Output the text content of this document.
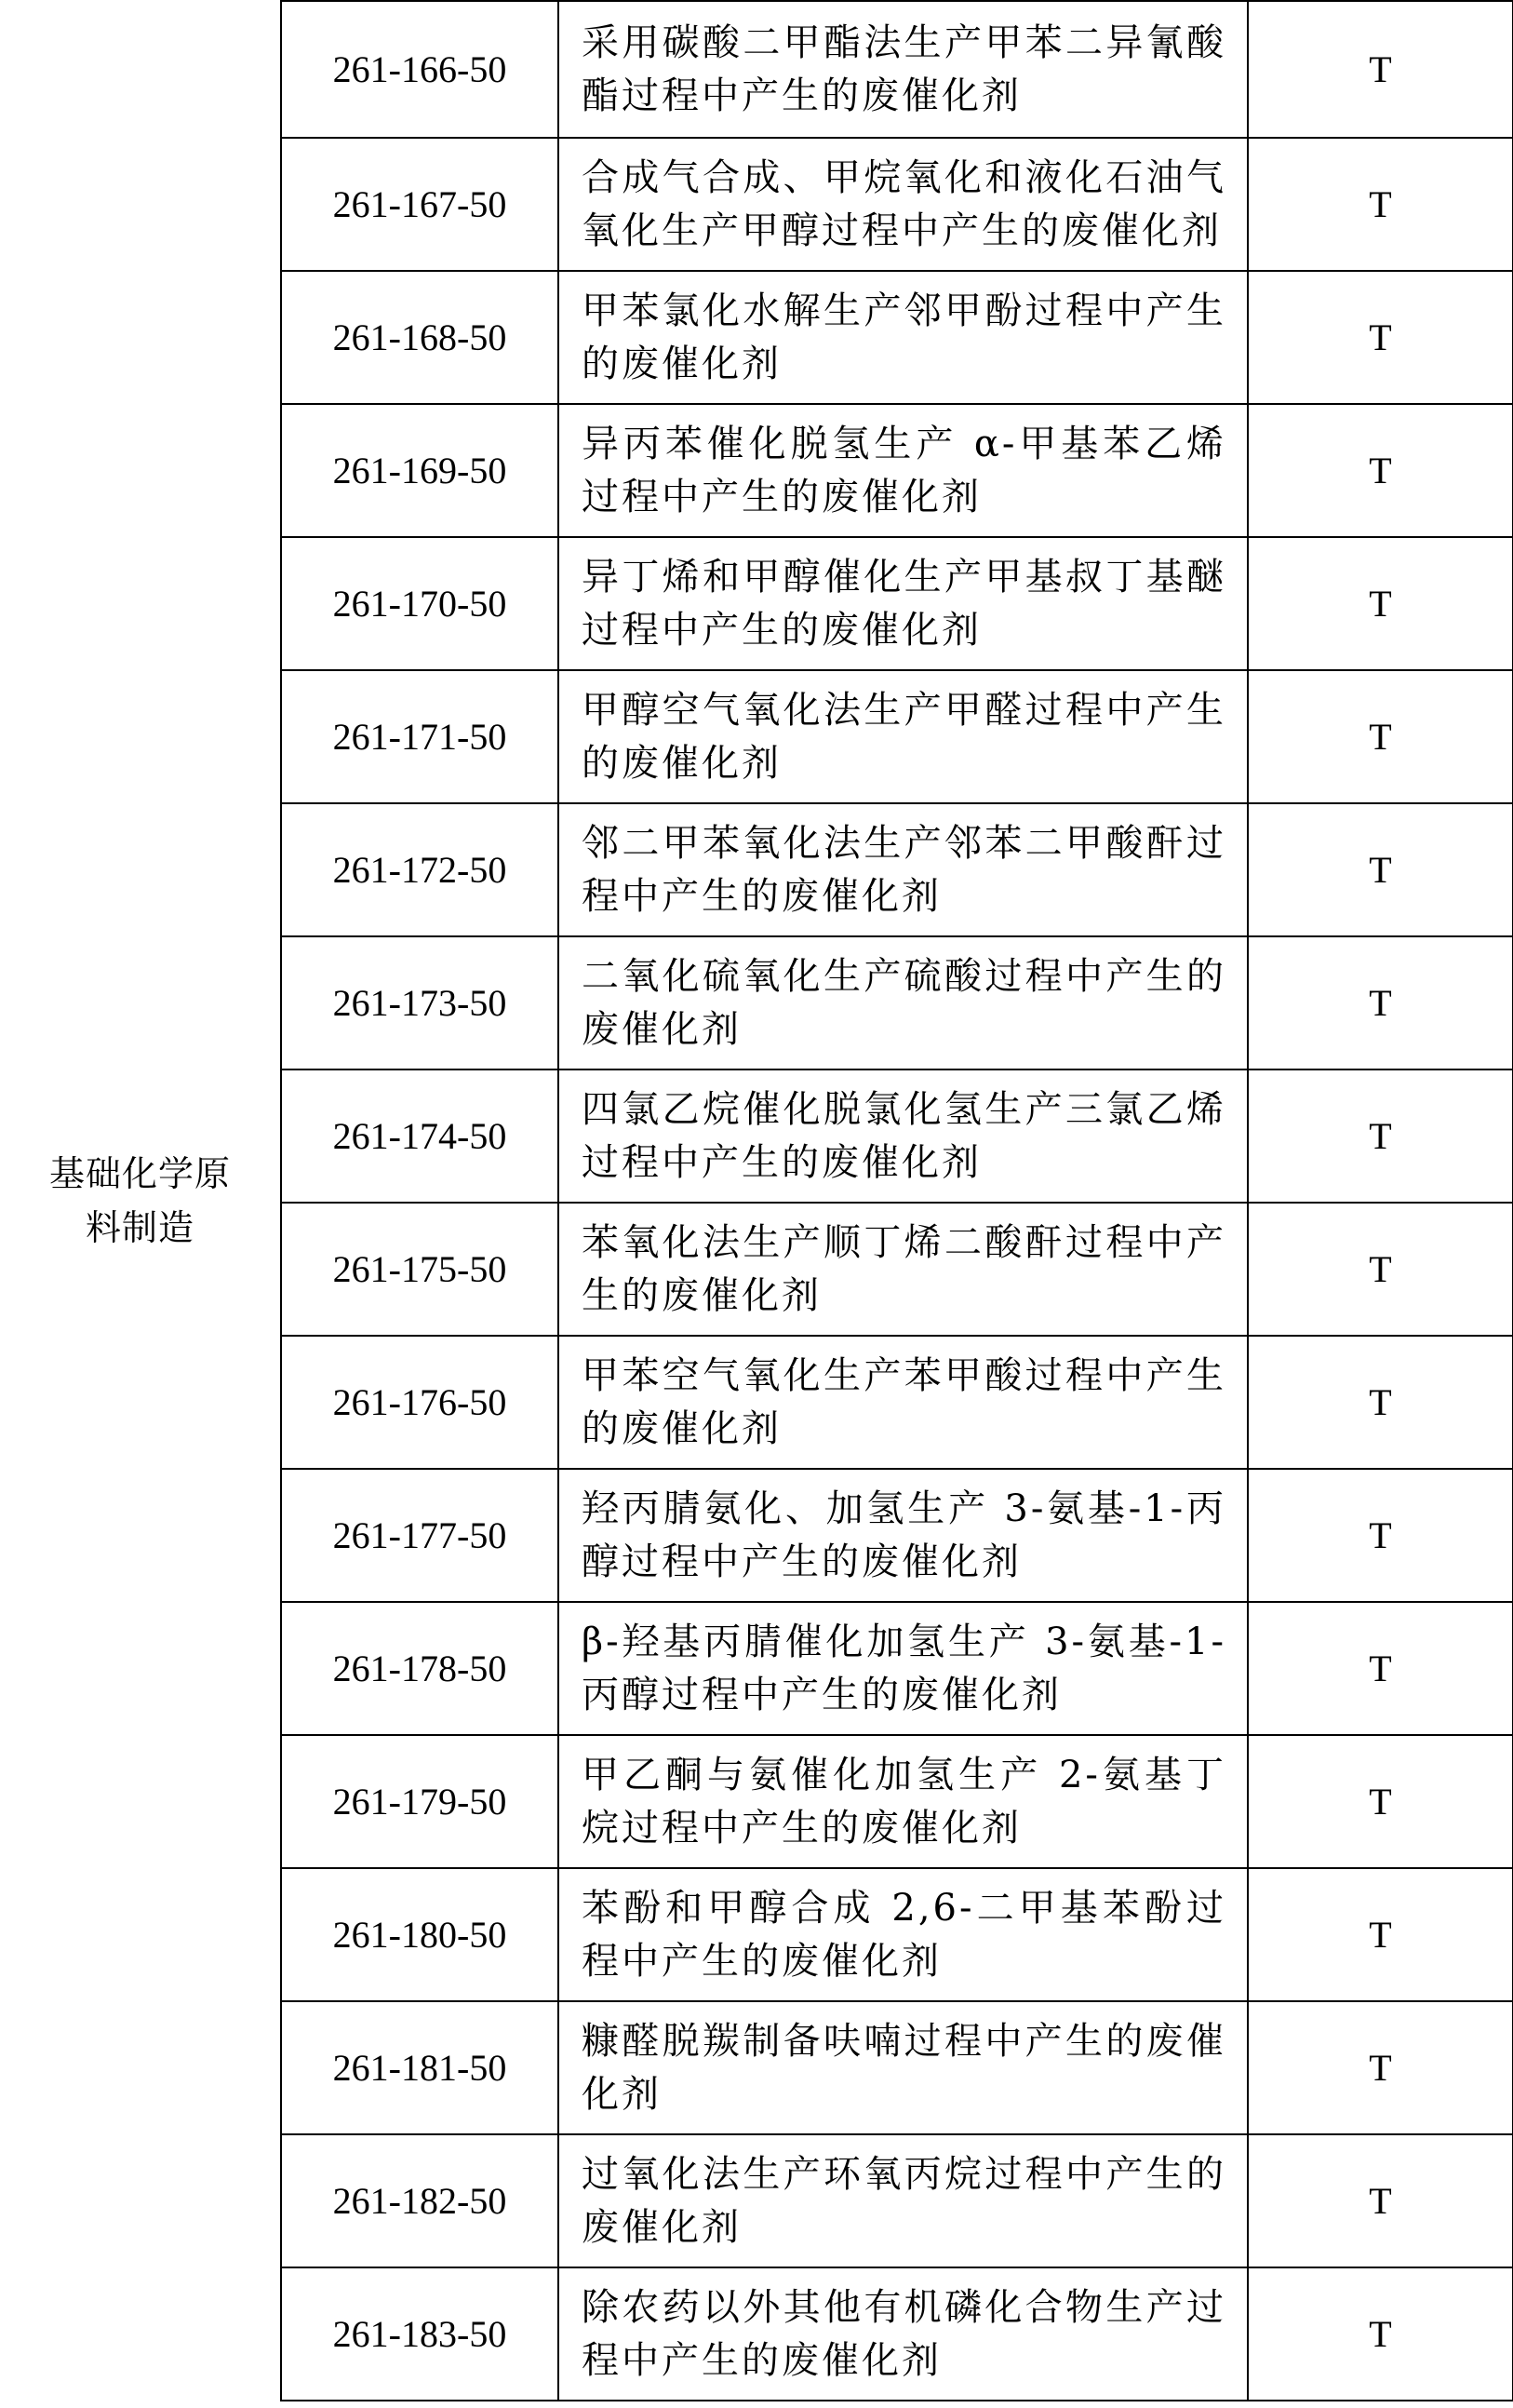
基础化学原料制造	261-166-50	采用碳酸二甲酯法生产甲苯二异氰酸酯过程中产生的废催化剂	T
	261-167-50	合成气合成、甲烷氧化和液化石油气氧化生产甲醇过程中产生的废催化剂	T
	261-168-50	甲苯氯化水解生产邻甲酚过程中产生的废催化剂	T
	261-169-50	异丙苯催化脱氢生产 α-甲基苯乙烯过程中产生的废催化剂	T
	261-170-50	异丁烯和甲醇催化生产甲基叔丁基醚过程中产生的废催化剂	T
	261-171-50	甲醇空气氧化法生产甲醛过程中产生的废催化剂	T
	261-172-50	邻二甲苯氧化法生产邻苯二甲酸酐过程中产生的废催化剂	T
	261-173-50	二氧化硫氧化生产硫酸过程中产生的废催化剂	T
	261-174-50	四氯乙烷催化脱氯化氢生产三氯乙烯过程中产生的废催化剂	T
	261-175-50	苯氧化法生产顺丁烯二酸酐过程中产生的废催化剂	T
	261-176-50	甲苯空气氧化生产苯甲酸过程中产生的废催化剂	T
	261-177-50	羟丙腈氨化、加氢生产 3-氨基-1-丙醇过程中产生的废催化剂	T
	261-178-50	β-羟基丙腈催化加氢生产 3-氨基-1-丙醇过程中产生的废催化剂	T
	261-179-50	甲乙酮与氨催化加氢生产 2-氨基丁烷过程中产生的废催化剂	T
	261-180-50	苯酚和甲醇合成 2,6-二甲基苯酚过程中产生的废催化剂	T
	261-181-50	糠醛脱羰制备呋喃过程中产生的废催化剂	T
	261-182-50	过氧化法生产环氧丙烷过程中产生的废催化剂	T
	261-183-50	除农药以外其他有机磷化合物生产过程中产生的废催化剂	T
